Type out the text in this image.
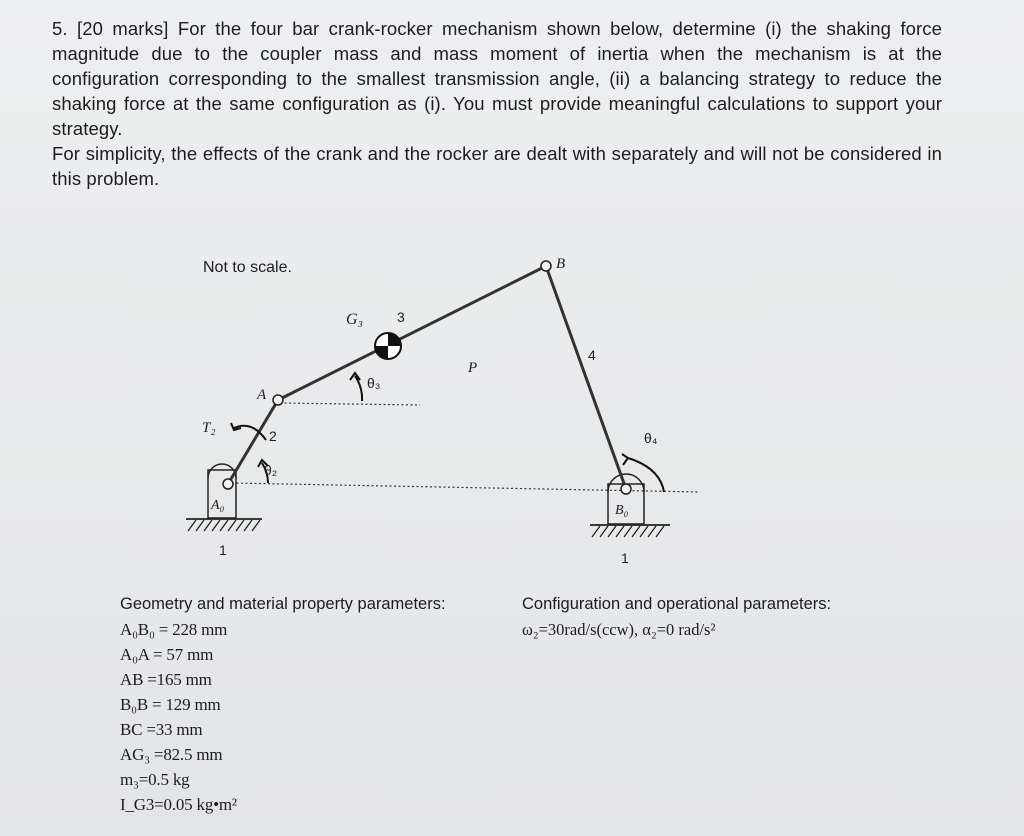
5. [20 marks] For the four bar crank-rocker mechanism shown below, determine (i) the shaking force magnitude due to the coupler mass and mass moment of inertia when the mechanism is at the configuration corresponding to the smallest transmission angle, (ii) a balancing strategy to reduce the shaking force at the same configuration as (i). You must provide meaningful calculations to support your strategy.

For simplicity, the effects of the crank and the rocker are dealt with separately and will not be considered in this problem.

Not to scale.	B
G₃ 3
4
P
θ₃
A
T₂	2	θ₄
θ₂
A₀	B₀
1	1
Geometry and material property parameters:
A₀B₀ = 228 mm
A₀A = 57 mm
AB =165 mm
B₀B = 129 mm
BC =33 mm
AG₃ =82.5 mm
m₃=0.5 kg
I_G3=0.05 kg•m²
Configuration and operational parameters:
ω₂=30rad/s(ccw), α₂=0 rad/s²
